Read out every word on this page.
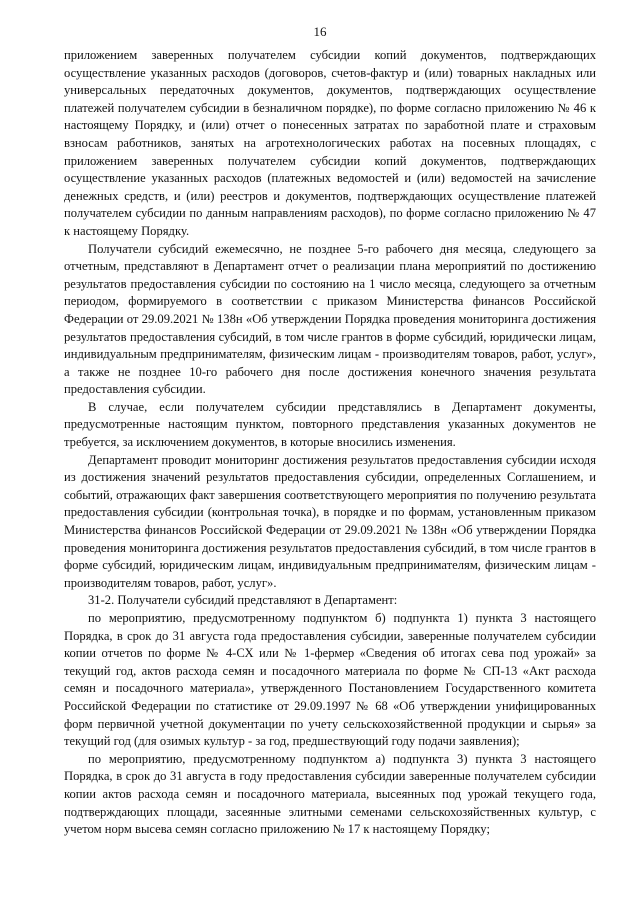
16

приложением заверенных получателем субсидии копий документов, подтверждающих осуществление указанных расходов (договоров, счетов-фактур и (или) товарных накладных или универсальных передаточных документов, документов, подтверждающих осуществление платежей получателем субсидии в безналичном порядке), по форме согласно приложению № 46 к настоящему Порядку, и (или) отчет о понесенных затратах по заработной плате и страховым взносам работников, занятых на агротехнологических работах на посевных площадях, с приложением заверенных получателем субсидии копий документов, подтверждающих осуществление указанных расходов (платежных ведомостей и (или) ведомостей на зачисление денежных средств, и (или) реестров и документов, подтверждающих осуществление платежей получателем субсидии по данным направлениям расходов), по форме согласно приложению № 47 к настоящему Порядку.

Получатели субсидий ежемесячно, не позднее 5-го рабочего дня месяца, следующего за отчетным, представляют в Департамент отчет о реализации плана мероприятий по достижению результатов предоставления субсидии по состоянию на 1 число месяца, следующего за отчетным периодом, формируемого в соответствии с приказом Министерства финансов Российской Федерации от 29.09.2021 № 138н «Об утверждении Порядка проведения мониторинга достижения результатов предоставления субсидий, в том числе грантов в форме субсидий, юридически лицам, индивидуальным предпринимателям, физическим лицам - производителям товаров, работ, услуг», а также не позднее 10-го рабочего дня после достижения конечного значения результата предоставления субсидии.

В случае, если получателем субсидии представлялись в Департамент документы, предусмотренные настоящим пунктом, повторного представления указанных документов не требуется, за исключением документов, в которые вносились изменения.

Департамент проводит мониторинг достижения результатов предоставления субсидии исходя из достижения значений результатов предоставления субсидии, определенных Соглашением, и событий, отражающих факт завершения соответствующего мероприятия по получению результата предоставления субсидии (контрольная точка), в порядке и по формам, установленным приказом Министерства финансов Российской Федерации от 29.09.2021 № 138н «Об утверждении Порядка проведения мониторинга достижения результатов предоставления субсидий, в том числе грантов в форме субсидий, юридическим лицам, индивидуальным предпринимателям, физическим лицам - производителям товаров, работ, услуг».

31-2. Получатели субсидий представляют в Департамент:

по мероприятию, предусмотренному подпунктом б) подпункта 1) пункта 3 настоящего Порядка, в срок до 31 августа года предоставления субсидии, заверенные получателем субсидии копии отчетов по форме № 4-СХ или № 1-фермер «Сведения об итогах сева под урожай» за текущий год, актов расхода семян и посадочного материала по форме № СП-13 «Акт расхода семян и посадочного материала», утвержденного Постановлением Государственного комитета Российской Федерации по статистике от 29.09.1997 № 68 «Об утверждении унифицированных форм первичной учетной документации по учету сельскохозяйственной продукции и сырья» за текущий год (для озимых культур - за год, предшествующий году подачи заявления);

по мероприятию, предусмотренному подпунктом а) подпункта 3) пункта 3 настоящего Порядка, в срок до 31 августа в году предоставления субсидии заверенные получателем субсидии копии актов расхода семян и посадочного материала, высеянных под урожай текущего года, подтверждающих площади, засеянные элитными семенами сельскохозяйственных культур, с учетом норм высева семян согласно приложению № 17 к настоящему Порядку;
